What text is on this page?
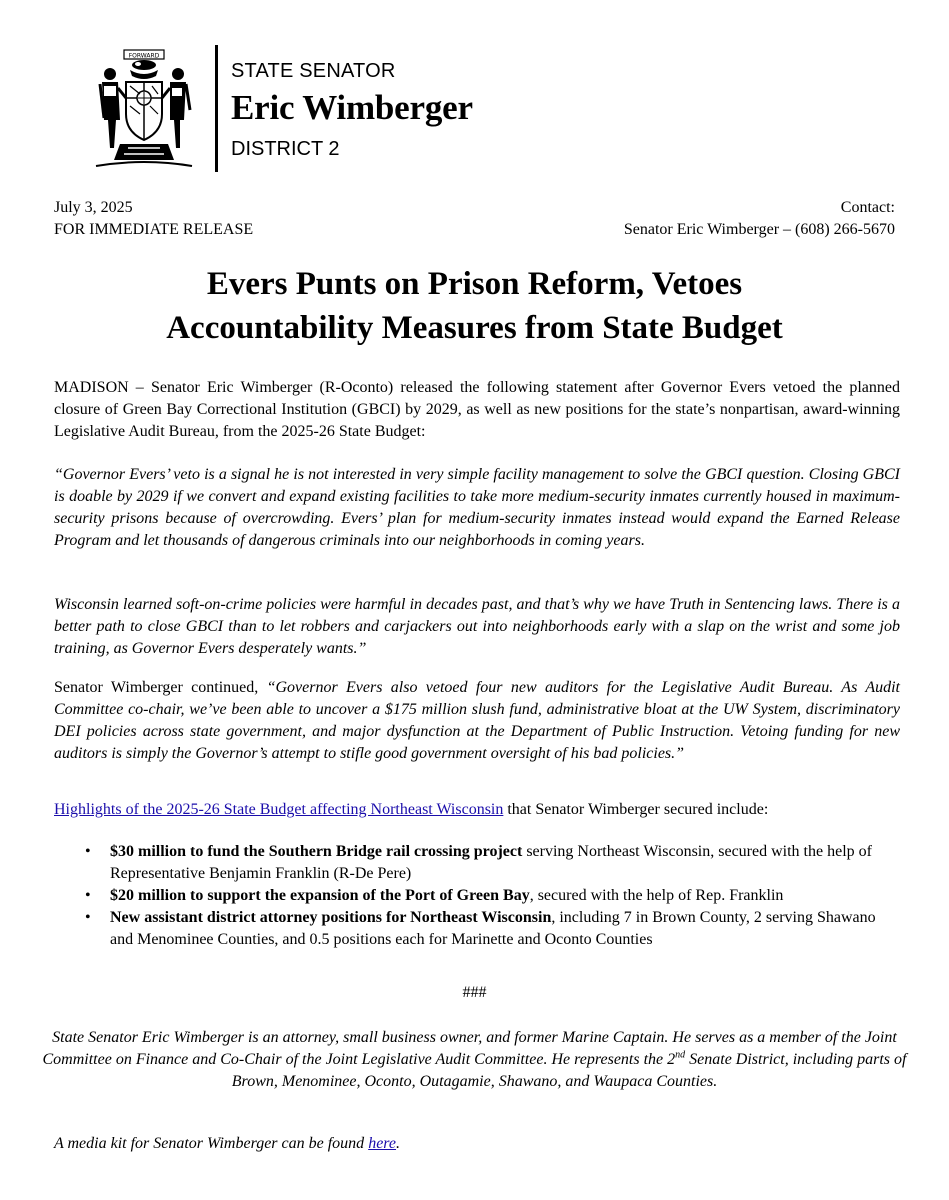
FORWARD
STATE SENATOR
Eric Wimberger
DISTRICT 2
July 3, 2025
FOR IMMEDIATE RELEASE
Contact:
Senator Eric Wimberger – (608) 266-5670
Evers Punts on Prison Reform, Vetoes
Accountability Measures from State Budget
MADISON – Senator Eric Wimberger (R-Oconto) released the following statement after Governor Evers vetoed the planned closure of Green Bay Correctional Institution (GBCI) by 2029, as well as new positions for the state’s nonpartisan, award-winning Legislative Audit Bureau, from the 2025-26 State Budget:
“Governor Evers’ veto is a signal he is not interested in very simple facility management to solve the GBCI question. Closing GBCI is doable by 2029 if we convert and expand existing facilities to take more medium-security inmates currently housed in maximum-security prisons because of overcrowding. Evers’ plan for medium-security inmates instead would expand the Earned Release Program and let thousands of dangerous criminals into our neighborhoods in coming years.
Wisconsin learned soft-on-crime policies were harmful in decades past, and that’s why we have Truth in Sentencing laws. There is a better path to close GBCI than to let robbers and carjackers out into neighborhoods early with a slap on the wrist and some job training, as Governor Evers desperately wants.”
Senator Wimberger continued, “Governor Evers also vetoed four new auditors for the Legislative Audit Bureau. As Audit Committee co-chair, we’ve been able to uncover a $175 million slush fund, administrative bloat at the UW System, discriminatory DEI policies across state government, and major dysfunction at the Department of Public Instruction. Vetoing funding for new auditors is simply the Governor’s attempt to stifle good government oversight of his bad policies.”
Highlights of the 2025-26 State Budget affecting Northeast Wisconsin that Senator Wimberger secured include:
• $30 million to fund the Southern Bridge rail crossing project serving Northeast Wisconsin, secured with the help of Representative Benjamin Franklin (R-De Pere)
• $20 million to support the expansion of the Port of Green Bay, secured with the help of Rep. Franklin
• New assistant district attorney positions for Northeast Wisconsin, including 7 in Brown County, 2 serving Shawano and Menominee Counties, and 0.5 positions each for Marinette and Oconto Counties
###
State Senator Eric Wimberger is an attorney, small business owner, and former Marine Captain. He serves as a member of the Joint Committee on Finance and Co-Chair of the Joint Legislative Audit Committee. He represents the 2nd Senate District, including parts of Brown, Menominee, Oconto, Outagamie, Shawano, and Waupaca Counties.
A media kit for Senator Wimberger can be found here.
